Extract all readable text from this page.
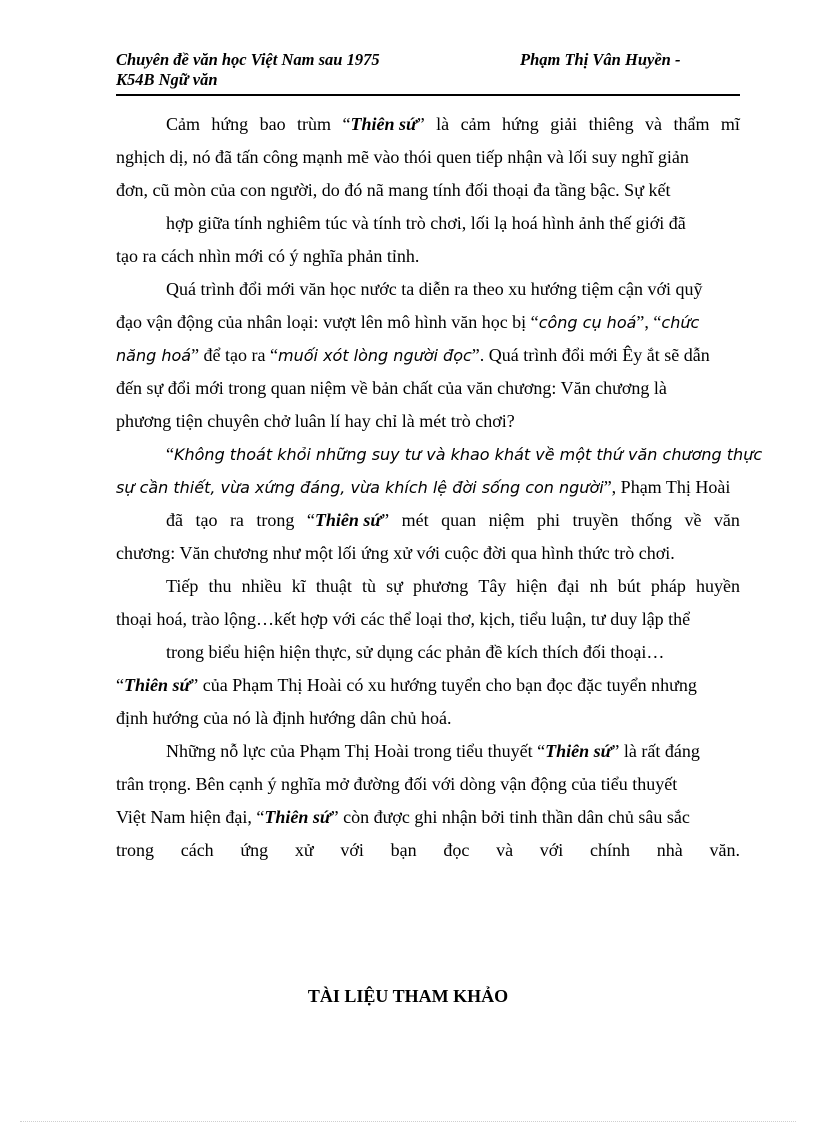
Chuyên đề văn học Việt Nam sau 1975	Phạm Thị Vân Huyền -
K54B Ngữ văn
Cảm hứng bao trùm “Thiên sứ” là cảm hứng giải thiêng và thẩm mĩ
nghịch dị, nó đã tấn công mạnh mẽ vào thói quen tiếp nhận và lối suy nghĩ giản
đơn, cũ mòn của con người, do đó nã mang tính đối thoại đa tầng bậc. Sự kết
hợp giữa tính nghiêm túc và tính trò chơi, lối lạ hoá hình ảnh thế giới đã
tạo ra cách nhìn mới có ý nghĩa phản tỉnh.
Quá trình đổi mới văn học nước ta diễn ra theo xu hướng tiệm cận với quỹ
đạo vận động của nhân loại: vượt lên mô hình văn học bị “công cụ hoá”, “chức
năng hoá” để tạo ra “muối xót lòng người đọc”. Quá trình đổi mới Êy ắt sẽ dẫn
đến sự đổi mới trong quan niệm về bản chất của văn chương: Văn chương là
phương tiện chuyên chở luân lí hay chỉ là mét trò chơi?
“Không thoát khỏi những suy tư và khao khát về một thứ văn chương thực
sự cần thiết, vừa xứng đáng, vừa khích lệ đời sống con người”, Phạm Thị Hoài
đã tạo ra trong “Thiên sứ” mét quan niệm phi truyền thống về văn
chương: Văn chương như một lối ứng xử với cuộc đời qua hình thức trò chơi.
Tiếp thu nhiều kĩ thuật tù sự phương Tây hiện đại nh bút pháp huyền
thoại hoá, trào lộng…kết hợp với các thể loại thơ, kịch, tiểu luận, tư duy lập thể
trong biểu hiện hiện thực, sử dụng các phản đề kích thích đối thoại…
“Thiên sứ” của Phạm Thị Hoài có xu hướng tuyển cho bạn đọc đặc tuyển nhưng
định hướng của nó là định hướng dân chủ hoá.
Những nỗ lực của Phạm Thị Hoài trong tiểu thuyết “Thiên sứ” là rất đáng
trân trọng. Bên cạnh ý nghĩa mở đường đối với dòng vận động của tiểu thuyết
Việt Nam hiện đại, “Thiên sứ” còn được ghi nhận bởi tinh thần dân chủ sâu sắc
trong cách ứng xử với bạn đọc và với chính nhà văn.
TÀI LIỆU THAM KHẢO
